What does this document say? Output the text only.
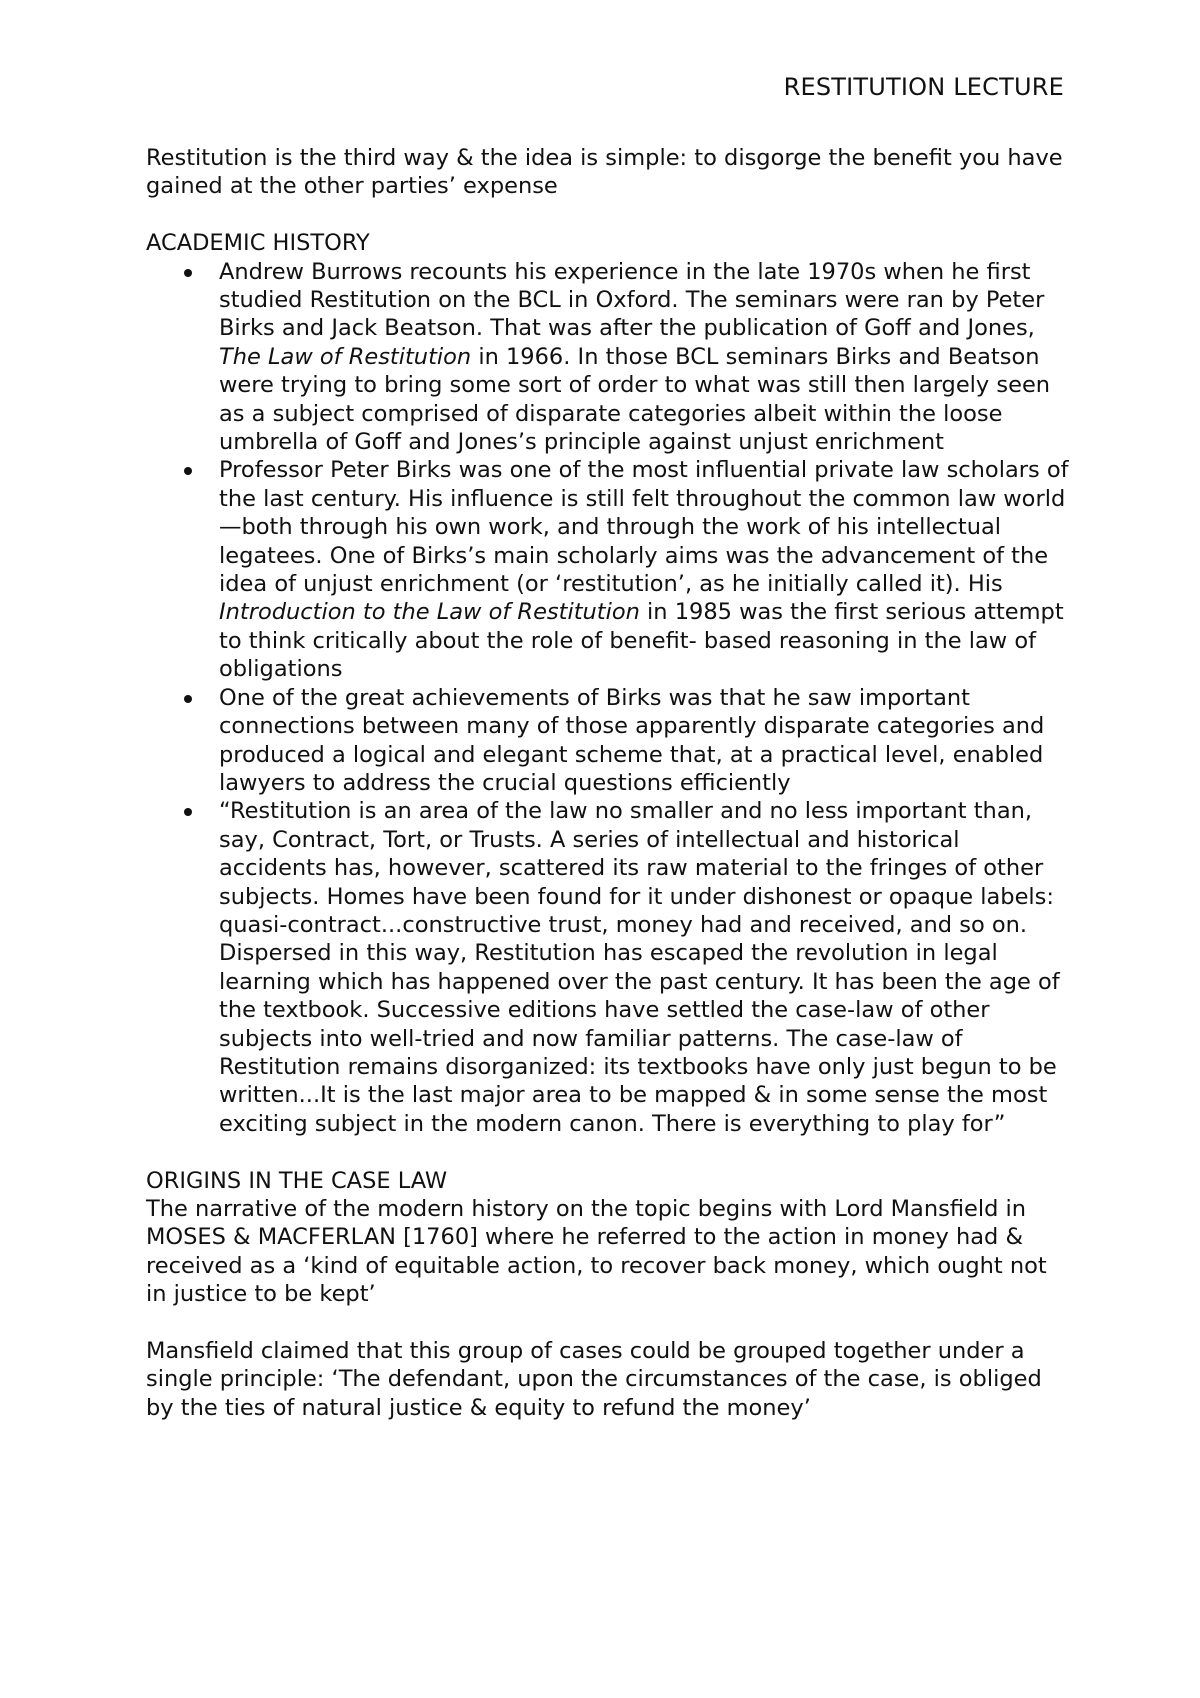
RESTITUTION LECTURE

Restitution is the third way & the idea is simple: to disgorge the benefit you have gained at the other parties’ expense

ACADEMIC HISTORY

Andrew Burrows recounts his experience in the late 1970s when he first studied Restitution on the BCL in Oxford. The seminars were ran by Peter Birks and Jack Beatson. That was after the publication of Goff and Jones, The Law of Restitution in 1966. In those BCL seminars Birks and Beatson were trying to bring some sort of order to what was still then largely seen as a subject comprised of disparate categories albeit within the loose umbrella of Goff and Jones’s principle against unjust enrichment
Professor Peter Birks was one of the most influential private law scholars of the last century. His influence is still felt throughout the common law world—both through his own work, and through the work of his intellectual legatees. One of Birks’s main scholarly aims was the advancement of the idea of unjust enrichment (or ‘restitution’, as he initially called it). His Introduction to the Law of Restitution in 1985 was the first serious attempt to think critically about the role of benefit- based reasoning in the law of obligations
One of the great achievements of Birks was that he saw important connections between many of those apparently disparate categories and produced a logical and elegant scheme that, at a practical level, enabled lawyers to address the crucial questions efficiently
“Restitution is an area of the law no smaller and no less important than, say, Contract, Tort, or Trusts. A series of intellectual and historical accidents has, however, scattered its raw material to the fringes of other subjects. Homes have been found for it under dishonest or opaque labels: quasi-contract...constructive trust, money had and received, and so on. Dispersed in this way, Restitution has escaped the revolution in legal learning which has happened over the past century. It has been the age of the textbook. Successive editions have settled the case-law of other subjects into well-tried and now familiar patterns. The case-law of Restitution remains disorganized: its textbooks have only just begun to be written...It is the last major area to be mapped & in some sense the most exciting subject in the modern canon. There is everything to play for”

ORIGINS IN THE CASE LAW

The narrative of the modern history on the topic begins with Lord Mansfield in MOSES & MACFERLAN [1760] where he referred to the action in money had & received as a ‘kind of equitable action, to recover back money, which ought not in justice to be kept’

Mansfield claimed that this group of cases could be grouped together under a single principle: ‘The defendant, upon the circumstances of the case, is obliged by the ties of natural justice & equity to refund the money’
